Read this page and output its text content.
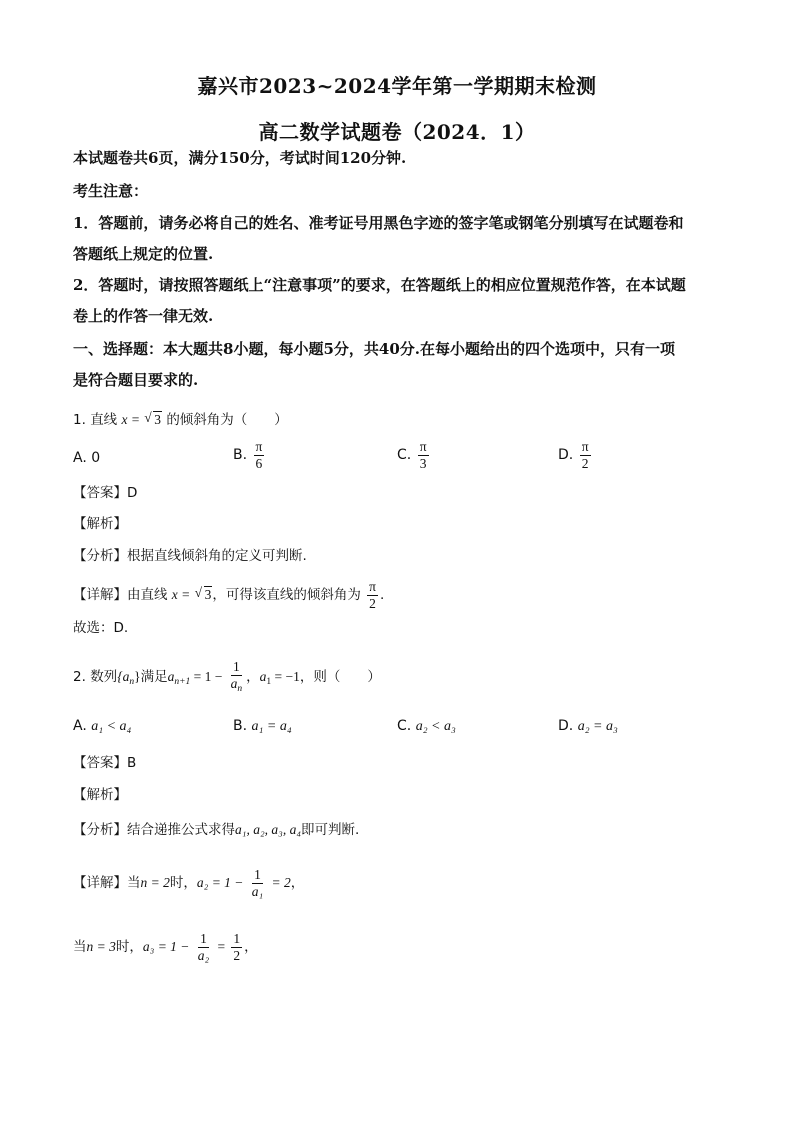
嘉兴市2023~2024学年第一学期期末检测
高二数学试题卷（2024．1）
本试题卷共6页，满分150分，考试时间120分钟.
考生注意：
1．答题前，请务必将自己的姓名、准考证号用黑色字迹的签字笔或钢笔分别填写在试题卷和
答题纸上规定的位置.
2．答题时，请按照答题纸上“注意事项”的要求，在答题纸上的相应位置规范作答，在本试题
卷上的作答一律无效.
一、选择题：本大题共8小题，每小题5分，共40分.在每小题给出的四个选项中，只有一项
是符合题目要求的.
1. 直线 x = √ 3 的倾斜角为（　　）
A. 0	B. $\frac{\pi}{6}$	C. $\frac{\pi}{3}$	D. $\frac{\pi}{2}$
【答案】D
【解析】
【分析】根据直线倾斜角的定义可判断.
【详解】由直线 x = √ 3，可得该直线的倾斜角为 $\frac{\pi}{2}$ .
故选：D.
2. 数列$\{a_n\}$满足$a_{n+1} = 1 - \frac{1}{a_n}$ ，$a_1 = -1$，则（　　）
A. a₁ < a₄	B. a₁ = a₄	C. a₂ < a₃	D. a₂ = a₃
【答案】B
【解析】
【分析】结合递推公式求得a₁, a₂, a₃, a₄即可判断.
【详解】当n = 2时，$a_2 = 1 - \frac{1}{\text{a₁}} = 2$，
当n = 3时，$a_3 = 1 - \frac{1}{\text{a₂}} = \frac{1}{2}$ ，
